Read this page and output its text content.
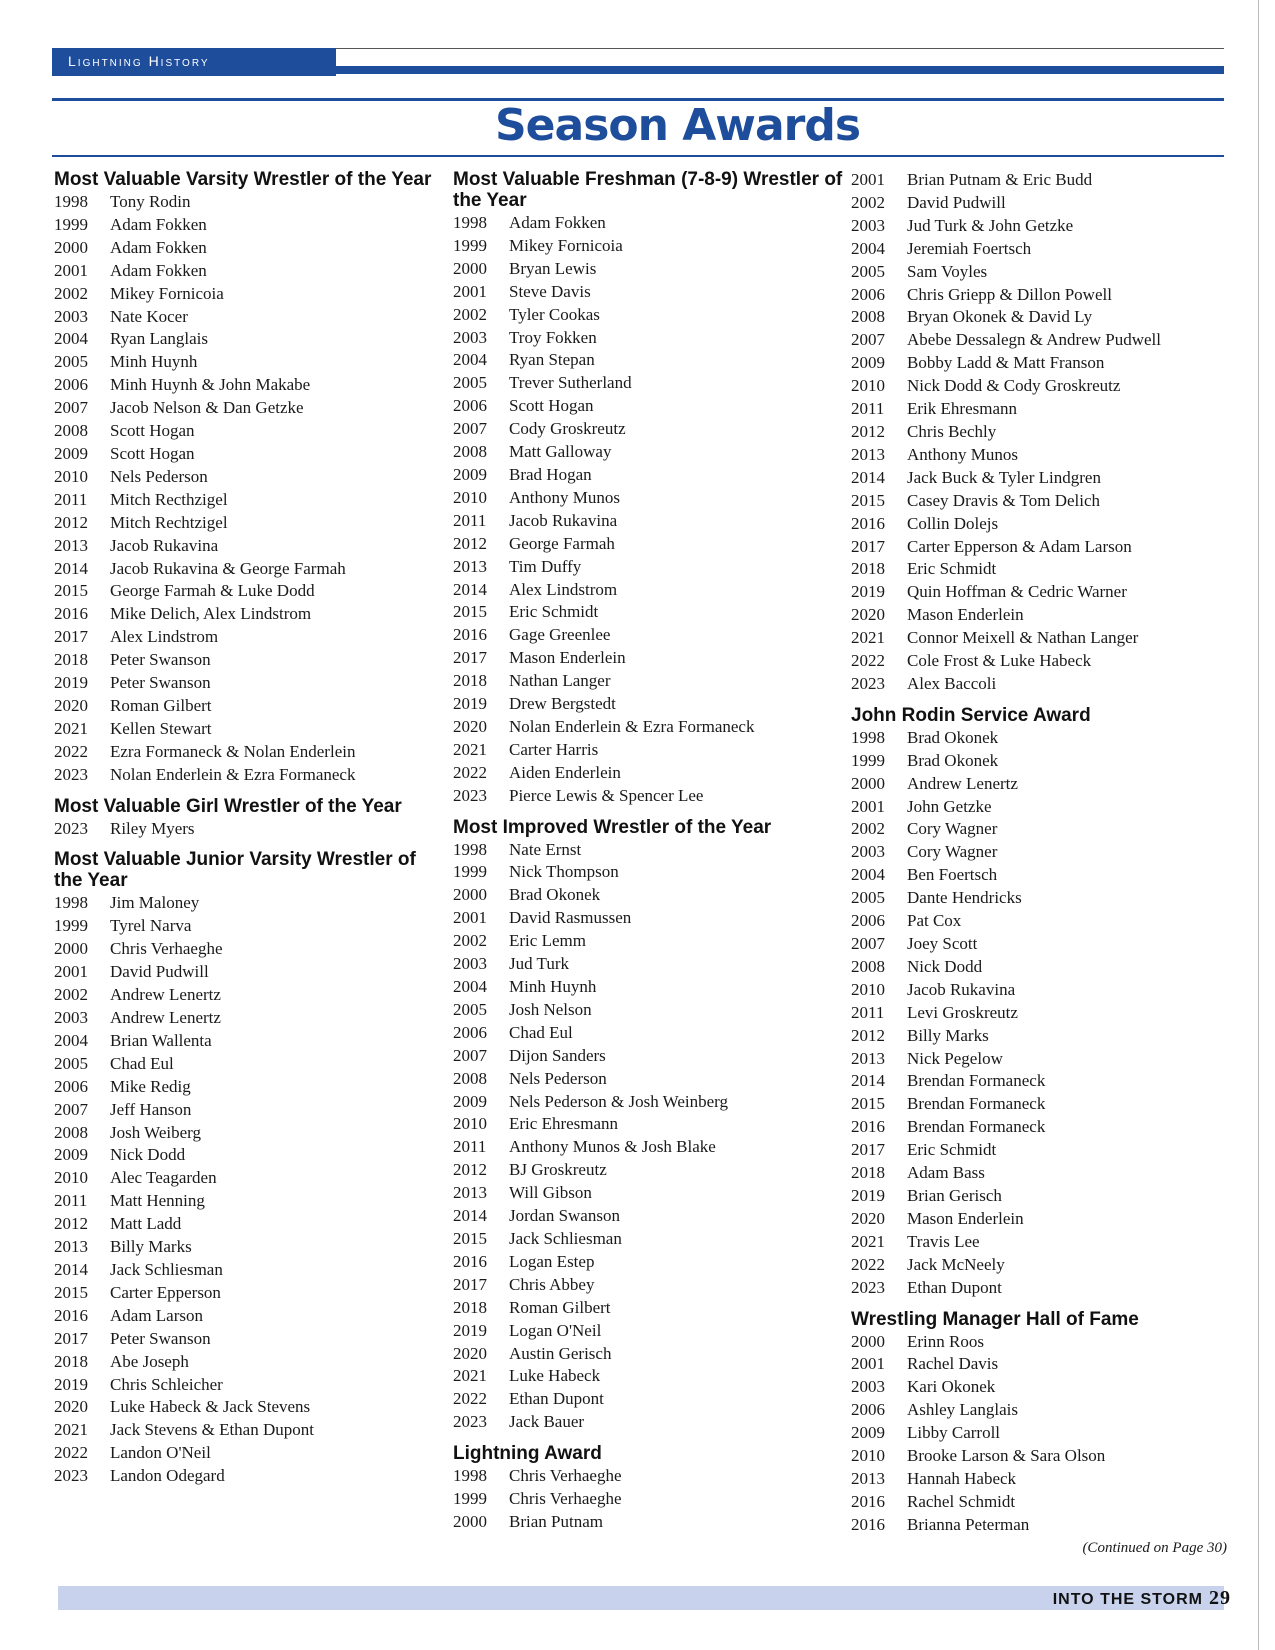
Lightning History
Season Awards
Most Valuable Varsity Wrestler of the Year
1998	Tony Rodin
1999	Adam Fokken
2000	Adam Fokken
2001	Adam Fokken
2002	Mikey Fornicoia
2003	Nate Kocer
2004	Ryan Langlais
2005	Minh Huynh
2006	Minh Huynh & John Makabe
2007	Jacob Nelson & Dan Getzke
2008	Scott Hogan
2009	Scott Hogan
2010	Nels Pederson
2011	Mitch Recthzigel
2012	Mitch Rechtzigel
2013	Jacob Rukavina
2014	Jacob Rukavina & George Farmah
2015	George Farmah & Luke Dodd
2016	Mike Delich, Alex Lindstrom
2017	Alex Lindstrom
2018	Peter Swanson
2019	Peter Swanson
2020	Roman Gilbert
2021	Kellen Stewart
2022	Ezra Formaneck & Nolan Enderlein
2023	Nolan Enderlein & Ezra Formaneck
Most Valuable Girl Wrestler of the Year
2023	Riley Myers
Most Valuable Junior Varsity Wrestler of the Year
1998	Jim Maloney
1999	Tyrel Narva
2000	Chris Verhaeghe
2001	David Pudwill
2002	Andrew Lenertz
2003	Andrew Lenertz
2004	Brian Wallenta
2005	Chad Eul
2006	Mike Redig
2007	Jeff Hanson
2008	Josh Weiberg
2009	Nick Dodd
2010	Alec Teagarden
2011	Matt Henning
2012	Matt Ladd
2013	Billy Marks
2014	Jack Schliesman
2015	Carter Epperson
2016	Adam Larson
2017	Peter Swanson
2018	Abe Joseph
2019	Chris Schleicher
2020	Luke Habeck & Jack Stevens
2021	Jack Stevens & Ethan Dupont
2022	Landon O'Neil
2023	Landon Odegard
Most Valuable Freshman (7-8-9) Wrestler of the Year
1998	Adam Fokken
1999	Mikey Fornicoia
2000	Bryan Lewis
2001	Steve Davis
2002	Tyler Cookas
2003	Troy Fokken
2004	Ryan Stepan
2005	Trever Sutherland
2006	Scott Hogan
2007	Cody Groskreutz
2008	Matt Galloway
2009	Brad Hogan
2010	Anthony Munos
2011	Jacob Rukavina
2012	George Farmah
2013	Tim Duffy
2014	Alex Lindstrom
2015	Eric Schmidt
2016	Gage Greenlee
2017	Mason Enderlein
2018	Nathan Langer
2019	Drew Bergstedt
2020	Nolan Enderlein & Ezra Formaneck
2021	Carter Harris
2022	Aiden Enderlein
2023	Pierce Lewis & Spencer Lee
Most Improved Wrestler of the Year
1998	Nate Ernst
1999	Nick Thompson
2000	Brad Okonek
2001	David Rasmussen
2002	Eric Lemm
2003	Jud Turk
2004	Minh Huynh
2005	Josh Nelson
2006	Chad Eul
2007	Dijon Sanders
2008	Nels Pederson
2009	Nels Pederson & Josh Weinberg
2010	Eric Ehresmann
2011	Anthony Munos & Josh Blake
2012	BJ Groskreutz
2013	Will Gibson
2014	Jordan Swanson
2015	Jack Schliesman
2016	Logan Estep
2017	Chris Abbey
2018	Roman Gilbert
2019	Logan O'Neil
2020	Austin Gerisch
2021	Luke Habeck
2022	Ethan Dupont
2023	Jack Bauer
Lightning Award
1998	Chris Verhaeghe
1999	Chris Verhaeghe
2000	Brian Putnam
2001	Brian Putnam & Eric Budd
2002	David Pudwill
2003	Jud Turk & John Getzke
2004	Jeremiah Foertsch
2005	Sam Voyles
2006	Chris Griepp & Dillon Powell
2008	Bryan Okonek & David Ly
2007	Abebe Dessalegn & Andrew Pudwell
2009	Bobby Ladd & Matt Franson
2010	Nick Dodd & Cody Groskreutz
2011	Erik Ehresmann
2012	Chris Bechly
2013	Anthony Munos
2014	Jack Buck & Tyler Lindgren
2015	Casey Dravis & Tom Delich
2016	Collin Dolejs
2017	Carter Epperson & Adam Larson
2018	Eric Schmidt
2019	Quin Hoffman & Cedric Warner
2020	Mason Enderlein
2021	Connor Meixell & Nathan Langer
2022	Cole Frost & Luke Habeck
2023	Alex Baccoli
John Rodin Service Award
1998	Brad Okonek
1999	Brad Okonek
2000	Andrew Lenertz
2001	John Getzke
2002	Cory Wagner
2003	Cory Wagner
2004	Ben Foertsch
2005	Dante Hendricks
2006	Pat Cox
2007	Joey Scott
2008	Nick Dodd
2010	Jacob Rukavina
2011	Levi Groskreutz
2012	Billy Marks
2013	Nick Pegelow
2014	Brendan Formaneck
2015	Brendan Formaneck
2016	Brendan Formaneck
2017	Eric Schmidt
2018	Adam Bass
2019	Brian Gerisch
2020	Mason Enderlein
2021	Travis Lee
2022	Jack McNeely
2023	Ethan Dupont
Wrestling Manager Hall of Fame
2000	Erinn Roos
2001	Rachel Davis
2003	Kari Okonek
2006	Ashley Langlais
2009	Libby Carroll
2010	Brooke Larson & Sara Olson
2013	Hannah Habeck
2016	Rachel Schmidt
2016	Brianna Peterman
(Continued on Page 30)
INTO THE STORM 29
